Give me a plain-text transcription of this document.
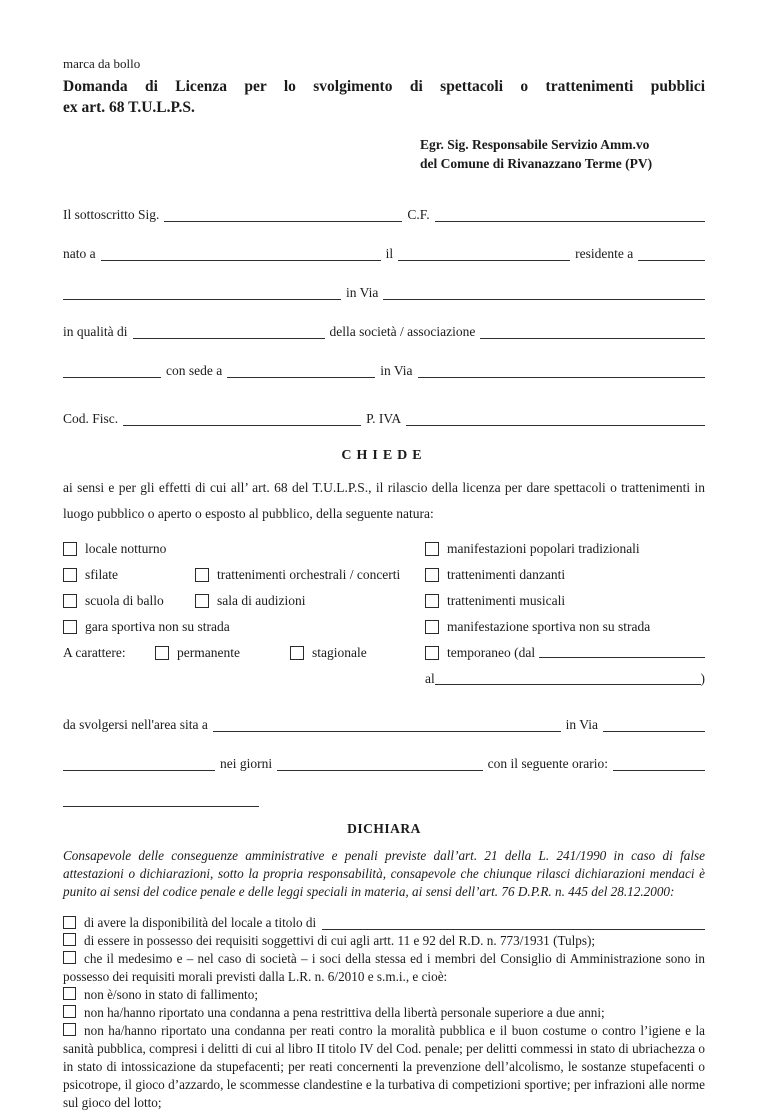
marca da bollo
Domanda di Licenza per lo svolgimento di spettacoli o trattenimenti pubblici
ex art. 68 T.U.L.P.S.
Egr. Sig. Responsabile Servizio Amm.vo
del Comune di Rivanazzano Terme (PV)
Il sottoscritto Sig.	C.F.
nato a	il	residente a
in Via
in qualità di	della società / associazione
con sede a	in Via
Cod. Fisc.	P. IVA
CHIEDE

ai sensi e per gli effetti di cui all’ art. 68 del T.U.L.P.S., il rilascio della licenza per dare spettacoli o trattenimenti in luogo pubblico o aperto o esposto al pubblico, della seguente natura:

locale notturno	manifestazioni popolari tradizionali
sfilate	trattenimenti orchestrali / concerti	trattenimenti danzanti
scuola di ballo	sala di audizioni	trattenimenti musicali
gara sportiva non su strada	manifestazione sportiva non su strada
A carattere:	permanente	stagionale	temporaneo (dal
al	)
da svolgersi nell'area sita a	in Via
nei giorni	con il seguente orario:
DICHIARA

Consapevole delle conseguenze amministrative e penali previste dall’art. 21 della L. 241/1990 in caso di false attestazioni o dichiarazioni, sotto la propria responsabilità, consapevole che chiunque rilasci dichiarazioni mendaci è punito ai sensi del codice penale e delle leggi speciali in materia, ai sensi dell’art. 76 D.P.R. n. 445 del 28.12.2000:

di avere la disponibilità del locale a titolo di
di essere in possesso dei requisiti soggettivi di cui agli artt. 11 e 92 del R.D. n. 773/1931 (Tulps);
che il medesimo e – nel caso di società – i soci della stessa ed i membri del Consiglio di Amministrazione sono in possesso dei requisiti morali previsti dalla L.R. n. 6/2010 e s.m.i., e cioè:
non è/sono in stato di fallimento;
non ha/hanno riportato una condanna a pena restrittiva della libertà personale superiore a due anni;
non ha/hanno riportato una condanna per reati contro la moralità pubblica e il buon costume o contro l’igiene e la sanità pubblica, compresi i delitti di cui al libro II titolo IV del Cod. penale; per delitti commessi in stato di ubriachezza o in stato di intossicazione da stupefacenti; per reati concernenti la prevenzione dell’alcolismo, le sostanze stupefacenti o psicotrope, il gioco d’azzardo, le scommesse clandestine e la turbativa di competizioni sportive; per infrazioni alle norme sul gioco del lotto;
